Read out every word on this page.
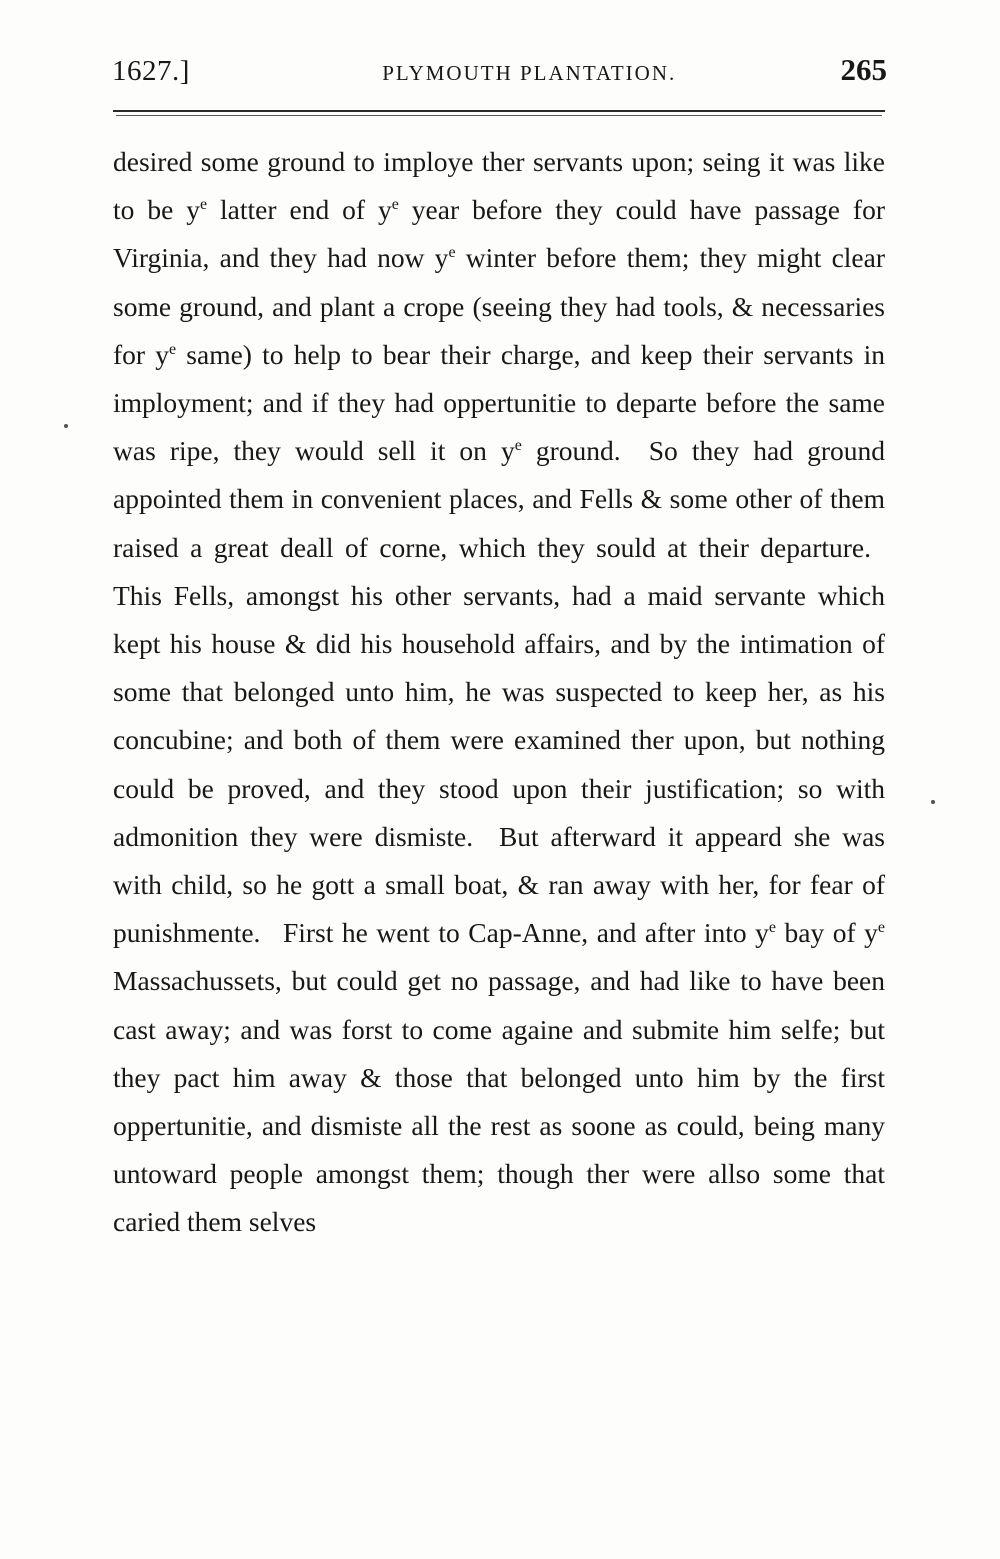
1627.]	PLYMOUTH PLANTATION.	265

desired some ground to imploye ther servants upon; seing it was like to be $y^e$ latter end of $y^e$ year before they could have passage for Virginia, and they had now $y^e$ winter before them; they might clear some ground, and plant a crope (seeing they had tools, & necessaries for $y^e$ same) to help to bear their charge, and keep their servants in imployment; and if they had oppertunitie to departe before the same was ripe, they would sell it on $y^e$ ground. So they had ground appointed them in convenient places, and Fells & some other of them raised a great deall of corne, which they sould at their departure. This Fells, amongst his other servants, had a maid servante which kept his house & did his household affairs, and by the intimation of some that belonged unto him, he was suspected to keep her, as his concubine; and both of them were examined ther upon, but nothing could be proved, and they stood upon their justification; so with admonition they were dismiste. But afterward it appeard she was with child, so he gott a small boat, & ran away with her, for fear of punishmente. First he went to Cap-Anne, and after into $y^e$ bay of $y^e$ Massachussets, but could get no passage, and had like to have been cast away; and was forst to come againe and submite him selfe; but they pact him away & those that belonged unto him by the first oppertunitie, and dismiste all the rest as soone as could, being many untoward people amongst them; though ther were allso some that caried them selves
